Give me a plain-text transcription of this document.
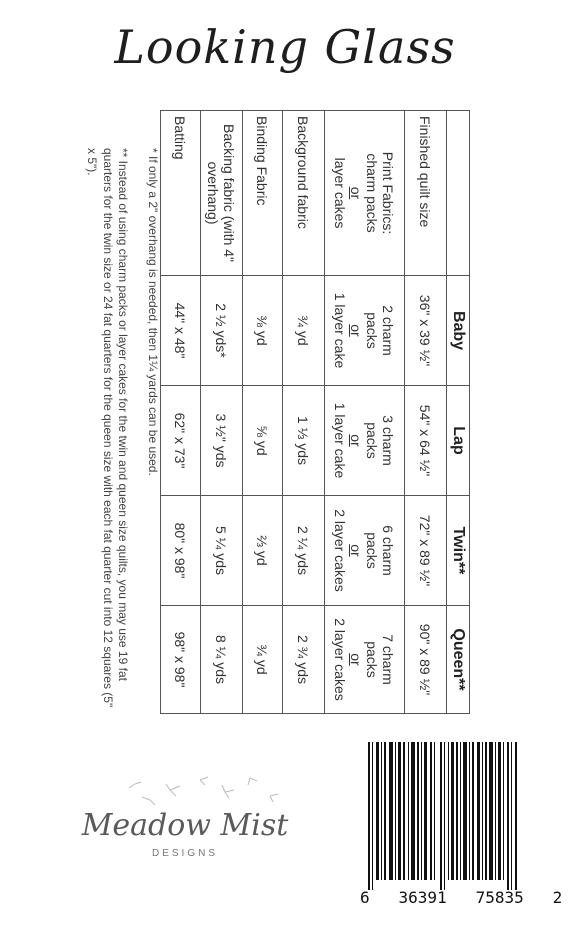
Looking Glass
	Baby	Lap	Twin**	Queen**
Finished quilt size	36" x 39 ½"	54" x 64 ½"	72" x 89 ½"	90" x 89 ½"

Print Fabrics:
charm packs
or
layer cakes	2 charm
packs
or
1 layer cake	3 charm
packs
or
1 layer cake	6 charm
packs
or
2 layer cakes	7 charm
packs
or
2 layer cakes

Background fabric	¾ yd	1 ⅓ yds	2 ¼ yds	2 ¾ yds
Binding Fabric	⅜ yd	⅝ yd	⅔ yd	¾ yd
Backing fabric (with 4" overhang)	2 ½ yds*	3 ½" yds	5 ¼ yds	8 ¼ yds
Batting	44" x 48"	62" x 73"	80" x 98"	98" x 98"

* If only a 2" overhang is needed, then 1¼ yards can be used.

** Instead of using charm packs or layer cakes for the twin and queen size quilts, you may use 19 fat quarters for the twin size or 24 fat quarters for the queen size with each fat quarter cut into 12 squares (5" x 5").

Meadow Mist
DESIGNS
6   36391   75835   2
